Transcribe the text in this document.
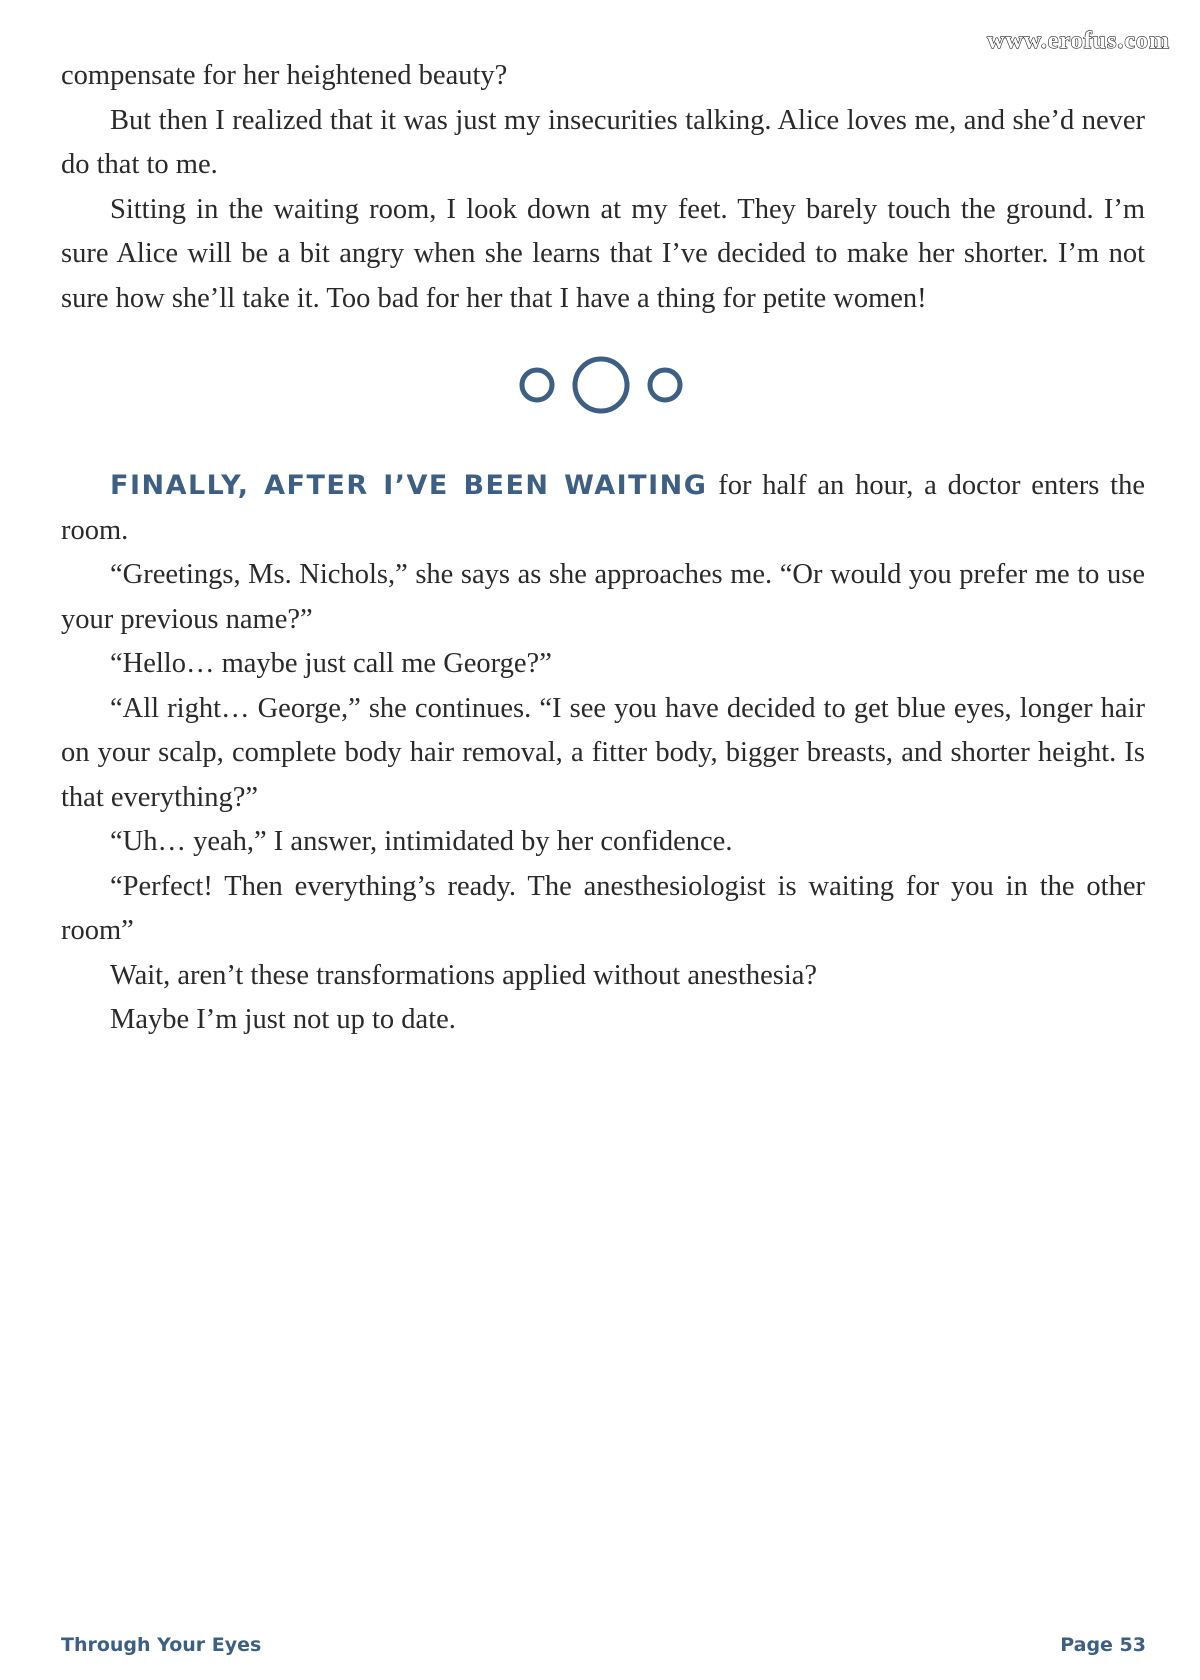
www.erofus.com

compensate for her heightened beauty?

But then I realized that it was just my insecurities talking. Alice loves me, and she’d never do that to me.

Sitting in the waiting room, I look down at my feet. They barely touch the ground. I’m sure Alice will be a bit angry when she learns that I’ve decided to make her shorter. I’m not sure how she’ll take it. Too bad for her that I have a thing for petite women!

FINALLY, AFTER I’VE BEEN WAITING for half an hour, a doctor enters the room.

“Greetings, Ms. Nichols,” she says as she approaches me. “Or would you prefer me to use your previous name?”

“Hello… maybe just call me George?”

“All right… George,” she continues. “I see you have decided to get blue eyes, longer hair on your scalp, complete body hair removal, a fitter body, bigger breasts, and shorter height. Is that everything?”

“Uh… yeah,” I answer, intimidated by her confidence.

“Perfect! Then everything’s ready. The anesthesiologist is waiting for you in the other room”

Wait, aren’t these transformations applied without anesthesia?

Maybe I’m just not up to date.

Through Your Eyes	Page 53
